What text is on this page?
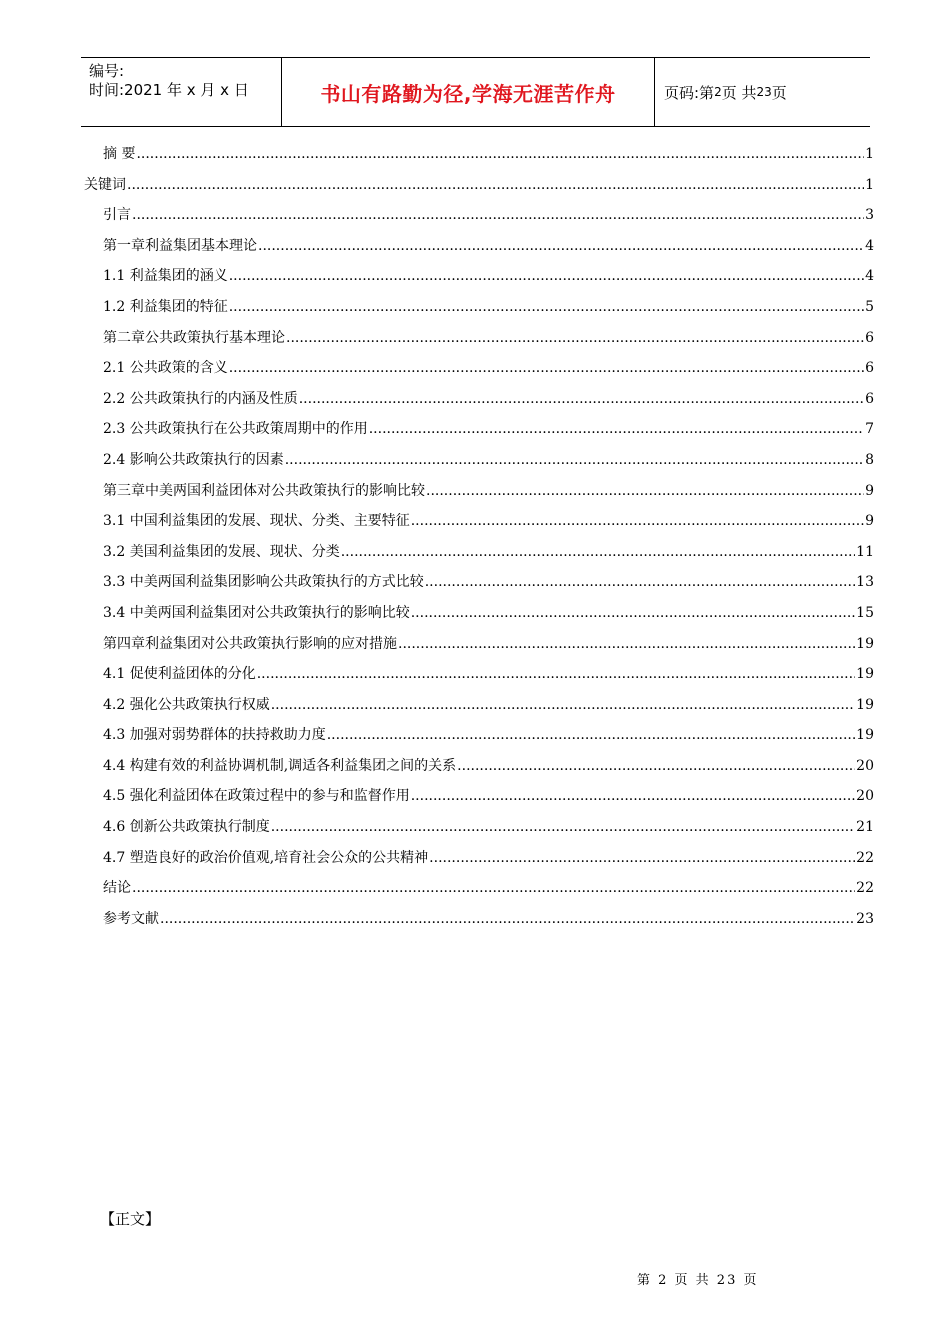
编号:
时间:2021 年 x 月 x 日	书山有路勤为径,学海无涯苦作舟	页码:第 2 页 共 23 页
摘 要 .....	1
关键词 .....	1
引言 .....	3
第一章利益集团基本理论 .....	4
1.1 利益集团的涵义 .....	4
1.2 利益集团的特征 .....	5
第二章公共政策执行基本理论 .....	6
2.1 公共政策的含义 .....	6
2.2 公共政策执行的内涵及性质 .....	6
2.3 公共政策执行在公共政策周期中的作用 .....	7
2.4 影响公共政策执行的因素 .....	8
第三章中美两国利益团体对公共政策执行的影响比较 .....	9
3.1 中国利益集团的发展、现状、分类、主要特征 .....	9
3.2 美国利益集团的发展、现状、分类 .....	11
3.3 中美两国利益集团影响公共政策执行的方式比较 .....	13
3.4 中美两国利益集团对公共政策执行的影响比较 .....	15
第四章利益集团对公共政策执行影响的应对措施 .....	19
4.1 促使利益团体的分化 .....	19
4.2 强化公共政策执行权威 .....	19
4.3 加强对弱势群体的扶持救助力度 .....	19
4.4 构建有效的利益协调机制,调适各利益集团之间的关系 .....	20
4.5 强化利益团体在政策过程中的参与和监督作用 .....	20
4.6 创新公共政策执行制度 .....	21
4.7 塑造良好的政治价值观,培育社会公众的公共精神 .....	22
结论 .....	22
参考文献 .....	23
【正文】
第 2 页 共 23 页
